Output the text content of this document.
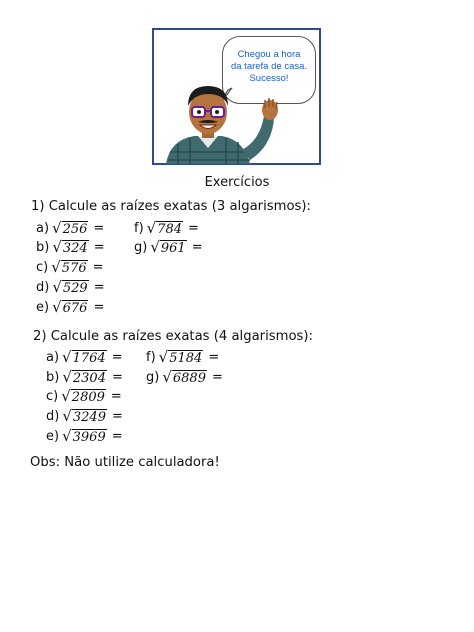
Chegou a hora
da tarefa de casa.
Sucesso!
Exercícios
1) Calcule as raízes exatas (3 algarismos):
a) √ 256 =
b) √ 324 =
c) √ 576 =
d) √ 529 =
e) √ 676 =
f) √ 784 =
g) √ 961 =
2) Calcule as raízes exatas (4 algarismos):
a) √ 1764 =
b) √ 2304 =
c) √ 2809 =
d) √ 3249 =
e) √ 3969 =
f) √ 5184 =
g) √ 6889 =
Obs: Não utilize calculadora!
